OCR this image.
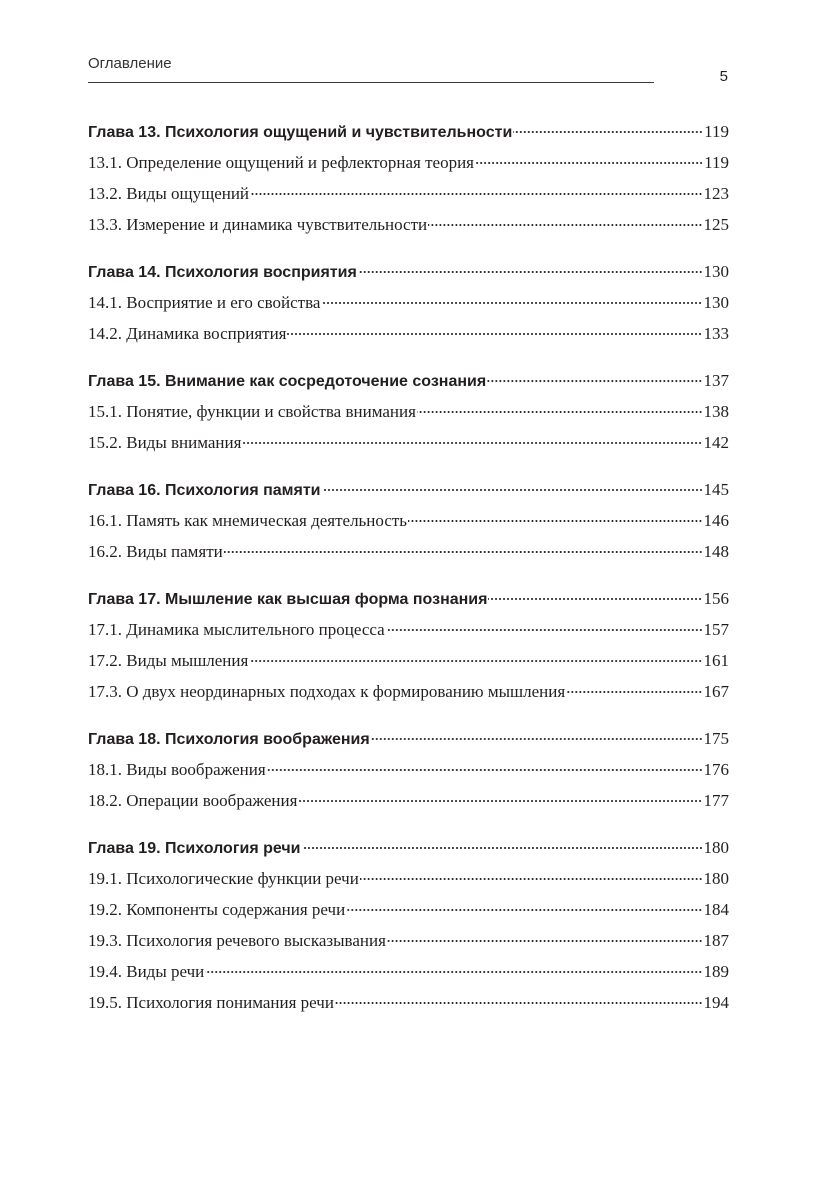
Оглавление
5
Глава 13. Психология ощущений и чувствительности	119
13.1. Определение ощущений и рефлекторная теория	119
13.2. Виды ощущений	123
13.3. Измерение и динамика чувствительности	125
Глава 14. Психология восприятия	130
14.1. Восприятие и его свойства	130
14.2. Динамика восприятия	133
Глава 15. Внимание как сосредоточение сознания	137
15.1. Понятие, функции и свойства внимания	138
15.2. Виды внимания	142
Глава 16. Психология памяти	145
16.1. Память как мнемическая деятельность	146
16.2. Виды памяти	148
Глава 17. Мышление как высшая форма познания	156
17.1. Динамика мыслительного процесса	157
17.2. Виды мышления	161
17.3. О двух неординарных подходах к формированию мышления	167
Глава 18. Психология воображения	175
18.1. Виды воображения	176
18.2. Операции воображения	177
Глава 19. Психология речи	180
19.1. Психологические функции речи	180
19.2. Компоненты содержания речи	184
19.3. Психология речевого высказывания	187
19.4. Виды речи	189
19.5. Психология понимания речи	194
